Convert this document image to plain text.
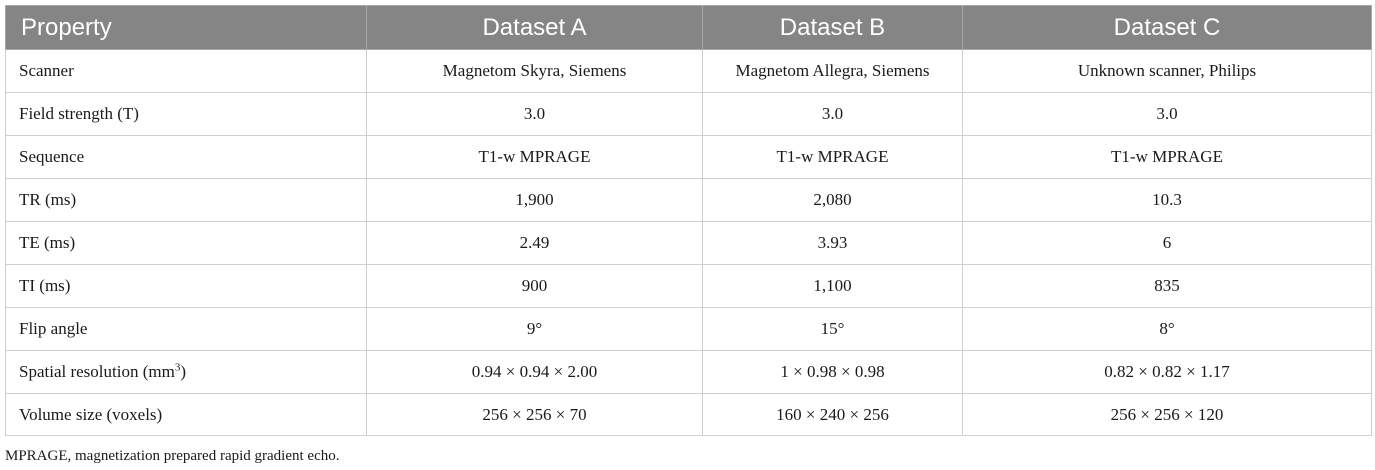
Property	Dataset A	Dataset B	Dataset C
Scanner	Magnetom Skyra, Siemens	Magnetom Allegra, Siemens	Unknown scanner, Philips
Field strength (T)	3.0	3.0	3.0
Sequence	T1-w MPRAGE	T1-w MPRAGE	T1-w MPRAGE
TR (ms)	1,900	2,080	10.3
TE (ms)	2.49	3.93	6
TI (ms)	900	1,100	835
Flip angle	9°	15°	8°
Spatial resolution $(mm^3)$	0.94 × 0.94 × 2.00	1 × 0.98 × 0.98	0.82 × 0.82 × 1.17
Volume size (voxels)	256 × 256 × 70	160 × 240 × 256	256 × 256 × 120
MPRAGE, magnetization prepared rapid gradient echo.
